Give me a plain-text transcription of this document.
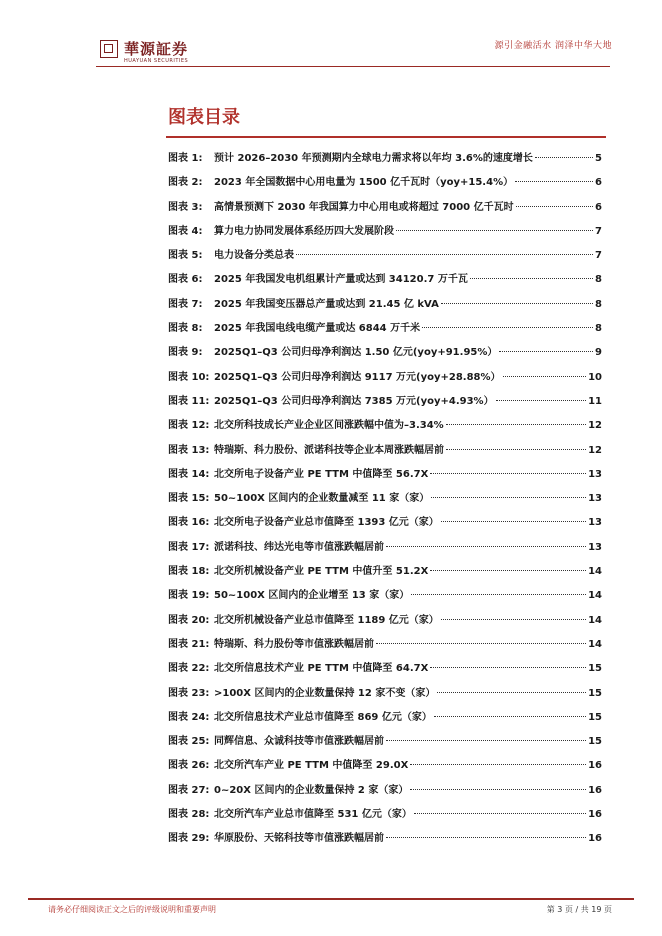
華源証券
HUAYUAN SECURITIES
源引金融活水 润泽中华大地
图表目录
图表 1:	预计 2026–2030 年预测期内全球电力需求将以年均 3.6%的速度增长	5
图表 2:	2023 年全国数据中心用电量为 1500 亿千瓦时（yoy+15.4%）	6
图表 3:	高情景预测下 2030 年我国算力中心用电或将超过 7000 亿千瓦时	6
图表 4:	算力电力协同发展体系经历四大发展阶段	7
图表 5:	电力设备分类总表	7
图表 6:	2025 年我国发电机组累计产量或达到 34120.7 万千瓦	8
图表 7:	2025 年我国变压器总产量或达到 21.45 亿 kVA	8
图表 8:	2025 年我国电线电缆产量或达 6844 万千米	8
图表 9:	2025Q1–Q3 公司归母净利润达 1.50 亿元(yoy+91.95%）	9
图表 10: 2025Q1–Q3 公司归母净利润达 9117 万元(yoy+28.88%）	10
图表 11: 2025Q1–Q3 公司归母净利润达 7385 万元(yoy+4.93%）	11
图表 12: 北交所科技成长产业企业区间涨跌幅中值为–3.34%	12
图表 13: 特瑞斯、科力股份、派诺科技等企业本周涨跌幅居前	12
图表 14: 北交所电子设备产业 PE TTM 中值降至 56.7X	13
图表 15: 50~100X 区间内的企业数量减至 11 家（家）	13
图表 16: 北交所电子设备产业总市值降至 1393 亿元（家）	13
图表 17: 派诺科技、纬达光电等市值涨跌幅居前	13
图表 18: 北交所机械设备产业 PE TTM 中值升至 51.2X	14
图表 19: 50~100X 区间内的企业增至 13 家（家）	14
图表 20: 北交所机械设备产业总市值降至 1189 亿元（家）	14
图表 21: 特瑞斯、科力股份等市值涨跌幅居前	14
图表 22: 北交所信息技术产业 PE TTM 中值降至 64.7X	15
图表 23: >100X 区间内的企业数量保持 12 家不变（家）	15
图表 24: 北交所信息技术产业总市值降至 869 亿元（家）	15
图表 25: 同辉信息、众诚科技等市值涨跌幅居前	15
图表 26: 北交所汽车产业 PE TTM 中值降至 29.0X	16
图表 27: 0~20X 区间内的企业数量保持 2 家（家）	16
图表 28: 北交所汽车产业总市值降至 531 亿元（家）	16
图表 29: 华原股份、天铭科技等市值涨跌幅居前	16
请务必仔细阅读正文之后的评级说明和重要声明	第 3 页 / 共 19 页
